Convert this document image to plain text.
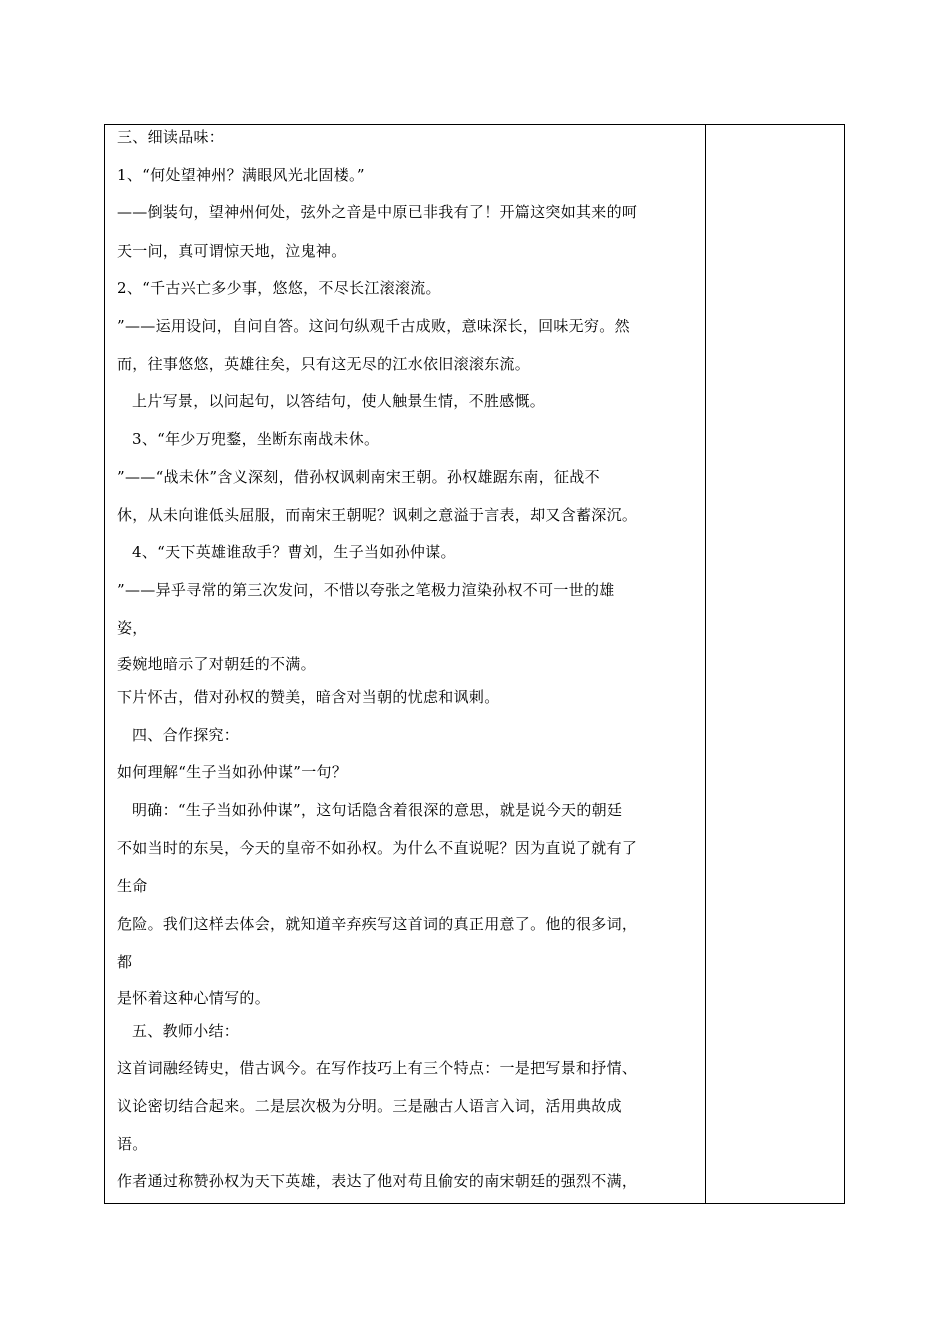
三、细读品味：
1、“何处望神州？满眼风光北固楼。”
——倒装句，望神州何处，弦外之音是中原已非我有了！开篇这突如其来的呵
天一问，真可谓惊天地，泣鬼神。
2、“千古兴亡多少事，悠悠，不尽长江滚滚流。
”——运用设问，自问自答。这问句纵观千古成败，意味深长，回味无穷。然
而，往事悠悠，英雄往矣，只有这无尽的江水依旧滚滚东流。
上片写景，以问起句，以答结句，使人触景生情，不胜感慨。
3、“年少万兜鍪，坐断东南战未休。
”——“战未休”含义深刻，借孙权讽刺南宋王朝。孙权雄踞东南，征战不
休，从未向谁低头屈服，而南宋王朝呢？讽刺之意溢于言表，却又含蓄深沉。
4、“天下英雄谁敌手？曹刘，生子当如孙仲谋。
”——异乎寻常的第三次发问，不惜以夸张之笔极力渲染孙权不可一世的雄
姿，
委婉地暗示了对朝廷的不满。
下片怀古，借对孙权的赞美，暗含对当朝的忧虑和讽刺。
四、合作探究：
如何理解“生子当如孙仲谋”一句？
明确：“生子当如孙仲谋”，这句话隐含着很深的意思，就是说今天的朝廷
不如当时的东吴，今天的皇帝不如孙权。为什么不直说呢？因为直说了就有了
生命
危险。我们这样去体会，就知道辛弃疾写这首词的真正用意了。他的很多词，
都
是怀着这种心情写的。
五、教师小结：
这首词融经铸史，借古讽今。在写作技巧上有三个特点：一是把写景和抒情、
议论密切结合起来。二是层次极为分明。三是融古人语言入词，活用典故成
语。
作者通过称赞孙权为天下英雄，表达了他对苟且偷安的南宋朝廷的强烈不满，
